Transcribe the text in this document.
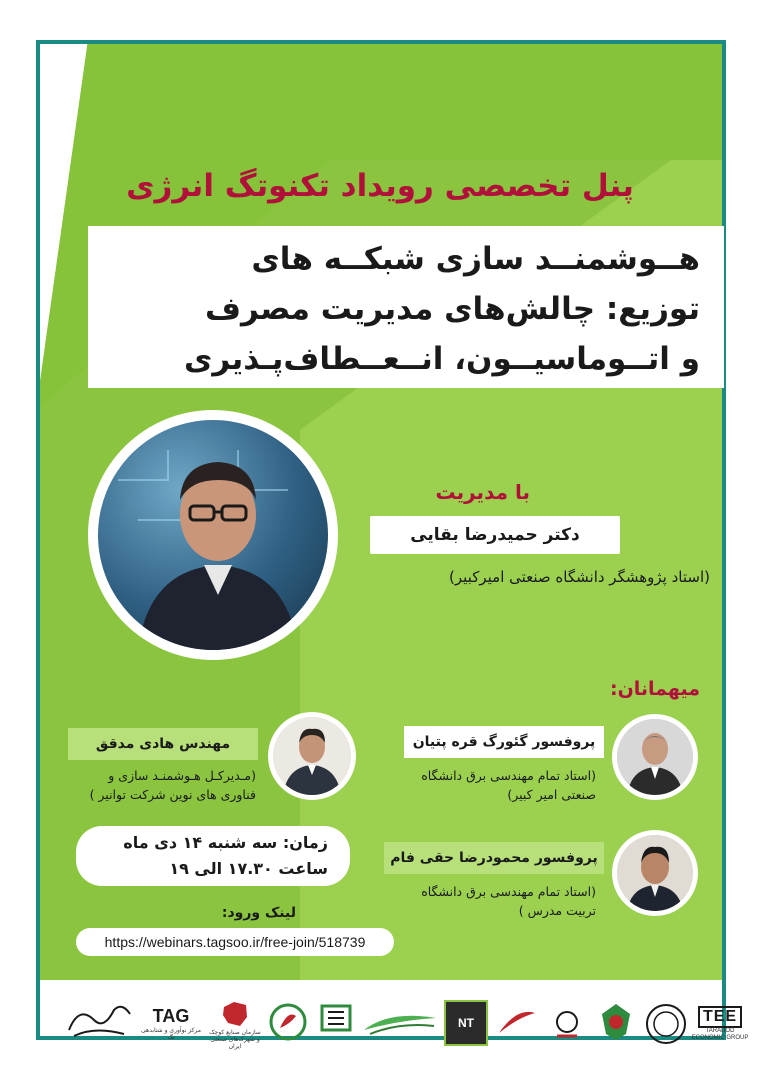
پنل تخصصی رویداد تکنوتگ انرژی
هــوشمنــد سازی شبکــه های
توزیع: چالش‌های مدیریت مصرف
و اتــوماسیــون، انــعــطاف‌پـذیری
با مدیریت
دکتر حمیدرضا بقایی
(استاد پژوهشگر دانشگاه صنعتی امیرکبیر)
میهمانان:
پروفسور گئورگ قره پتیان
(استاد تمام مهندسی برق دانشگاه
صنعتی امیر کبیر)
پروفسور محمودرضا حقی فام
(استاد تمام مهندسی برق دانشگاه
تربیت مدرس )
مهندس هادی مدقق
(مـدیرکـل هـوشمنـد سازی و
فناوری های نوین شرکت توانیر )
زمان: سه شنبه ۱۴ دی ماه
ساعت ۱۷.۳۰ الی ۱۹
لینک ورود:
https://webinars.tagsoo.ir/free-join/518739
TAG
مرکز نوآوری و شتابدهی تگ
سازمان صنایع کوچک و شهرک‌های صنعتی ایران
NT	TEE
TARADOD ECONOMIC GROUP
